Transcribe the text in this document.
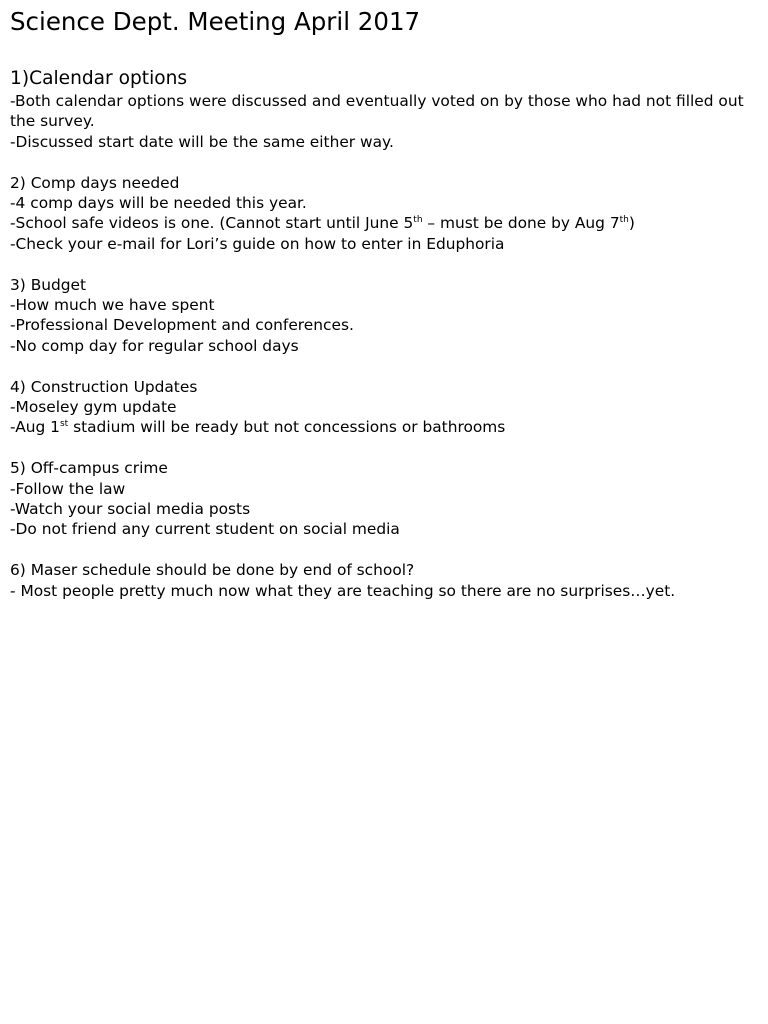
Science Dept. Meeting April 2017

1)Calendar options

-Both calendar options were discussed and eventually voted on by those who had not filled out the survey.

-Discussed start date will be the same either way.

2) Comp days needed

-4 comp days will be needed this year.

-School safe videos is one. (Cannot start until June 5th – must be done by Aug 7th)

-Check your e-mail for Lori’s guide on how to enter in Eduphoria

3) Budget

-How much we have spent

-Professional Development and conferences.

-No comp day for regular school days

4) Construction Updates

-Moseley gym update

-Aug 1st stadium will be ready but not concessions or bathrooms

5) Off-campus crime

-Follow the law

-Watch your social media posts

-Do not friend any current student on social media

6) Maser schedule should be done by end of school?

- Most people pretty much now what they are teaching so there are no surprises…yet.
